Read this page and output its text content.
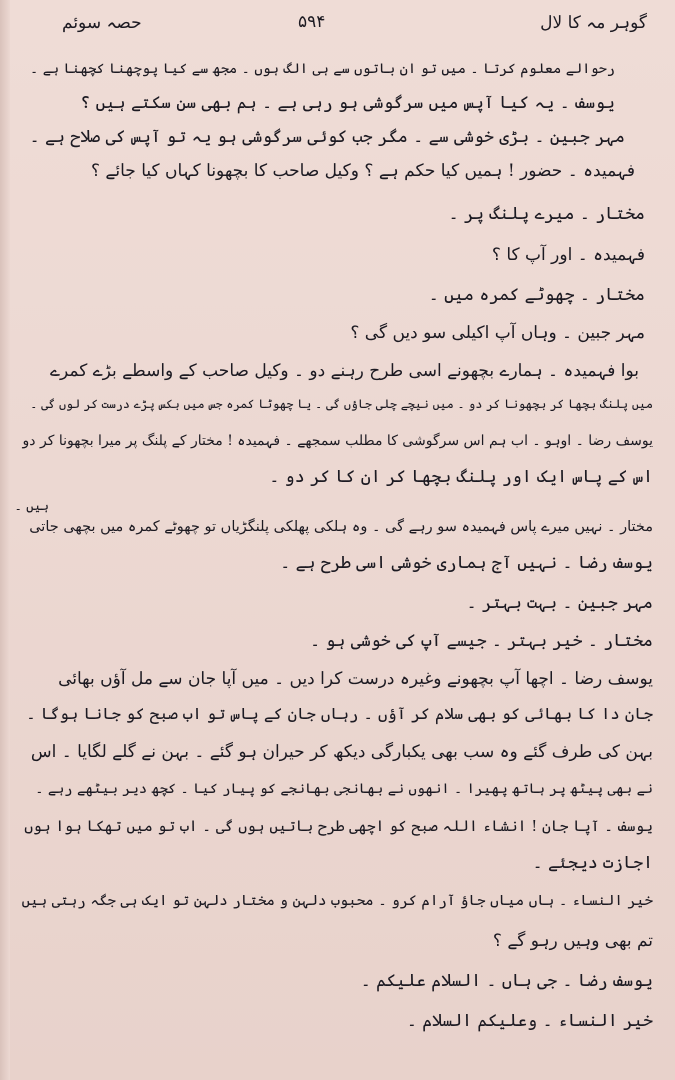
گوہر مہ کا لال
۵۹۴
حصہ سوئم
رحوالے معلوم کرتا ۔ میں تو ان باتوں سے ہی الگ ہوں ۔ مجھ سے کیا پوچھنا کچھنا ہے ۔
یوسف ۔ یہ کیا آپس میں سرگوشی ہو رہی ہے ۔ ہم بھی سن سکتے ہیں ؟
مہر جبین ۔ بڑی خوشی سے ۔ مگر جب کوئی سرگوشی ہو یہ تو آپس کی صلاح ہے ۔
فہمیدہ ۔ حضور ! ہمیں کیا حکم ہے ؟ وکیل صاحب کا بچھونا کہاں کیا جائے ؟
مختار ۔ میرے پلنگ پر ۔
فہمیدہ ۔ اور آپ کا ؟
مختار ۔ چھوٹے کمرہ میں ۔
مہر جبین ۔ وہاں آپ اکیلی سو دیں گی ؟
بوا فہمیدہ ۔ ہمارے بچھونے اسی طرح رہنے دو ۔ وکیل صاحب کے واسطے بڑے کمرے
میں پلنگ بچھا کر بچھونا کر دو ۔ میں نیچے چلی جاؤں گی ۔ یا چھوٹا کمرہ جس میں بکس پڑے درست کر لوں گی ۔
یوسف رضا ۔ اوہو ۔ اب ہم اس سرگوشی کا مطلب سمجھے ۔ فہمیدہ ! مختار کے پلنگ پر میرا بچھونا کر دو
اس کے پاس ایک اور پلنگ بچھا کر ان کا کر دو ۔
ہیں ۔
مختار ۔ نہیں میرے پاس فہمیدہ سو رہے گی ۔ وہ ہلکی پھلکی پلنگڑیاں تو چھوٹے کمرہ میں بچھی جاتی
یوسف رضا ۔ نہیں آج ہماری خوشی اسی طرح ہے ۔
مہر جبین ۔ بہت بہتر ۔
مختار ۔ خیر بہتر ۔ جیسے آپ کی خوشی ہو ۔
یوسف رضا ۔ اچھا آپ بچھونے وغیرہ درست کرا دیں ۔ میں آپا جان سے مل آؤں بھائی
جان دا کا بھائی کو بھی سلام کر آؤں ۔ رہاں جان کے پاس تو اب صبح کو جانا ہوگا ۔
بہن کی طرف گئے وہ سب بھی یکبارگی دیکھ کر حیران ہو گئے ۔ بہن نے گلے لگایا ۔ اس
نے بھی پیٹھ پر ہاتھ پھیرا ۔ انھوں نے بھانجی بھانجے کو پیار کیا ۔ کچھ دیر بیٹھے رہے ۔
یوسف ۔ آپا جان ! انشاء اللہ صبح کو اچھی طرح باتیں ہوں گی ۔ اب تو میں تھکا ہوا ہوں
اجازت دیجئے ۔
خیر النساء ۔ ہاں میاں جاؤ آرام کرو ۔ محبوب دلہن و مختار دلہن تو ایک ہی جگہ رہتی ہیں
تم بھی وہیں رہو گے ؟
یوسف رضا ۔ جی ہاں ۔ السلام علیکم ۔
خیر النساء ۔ وعلیکم السلام ۔
